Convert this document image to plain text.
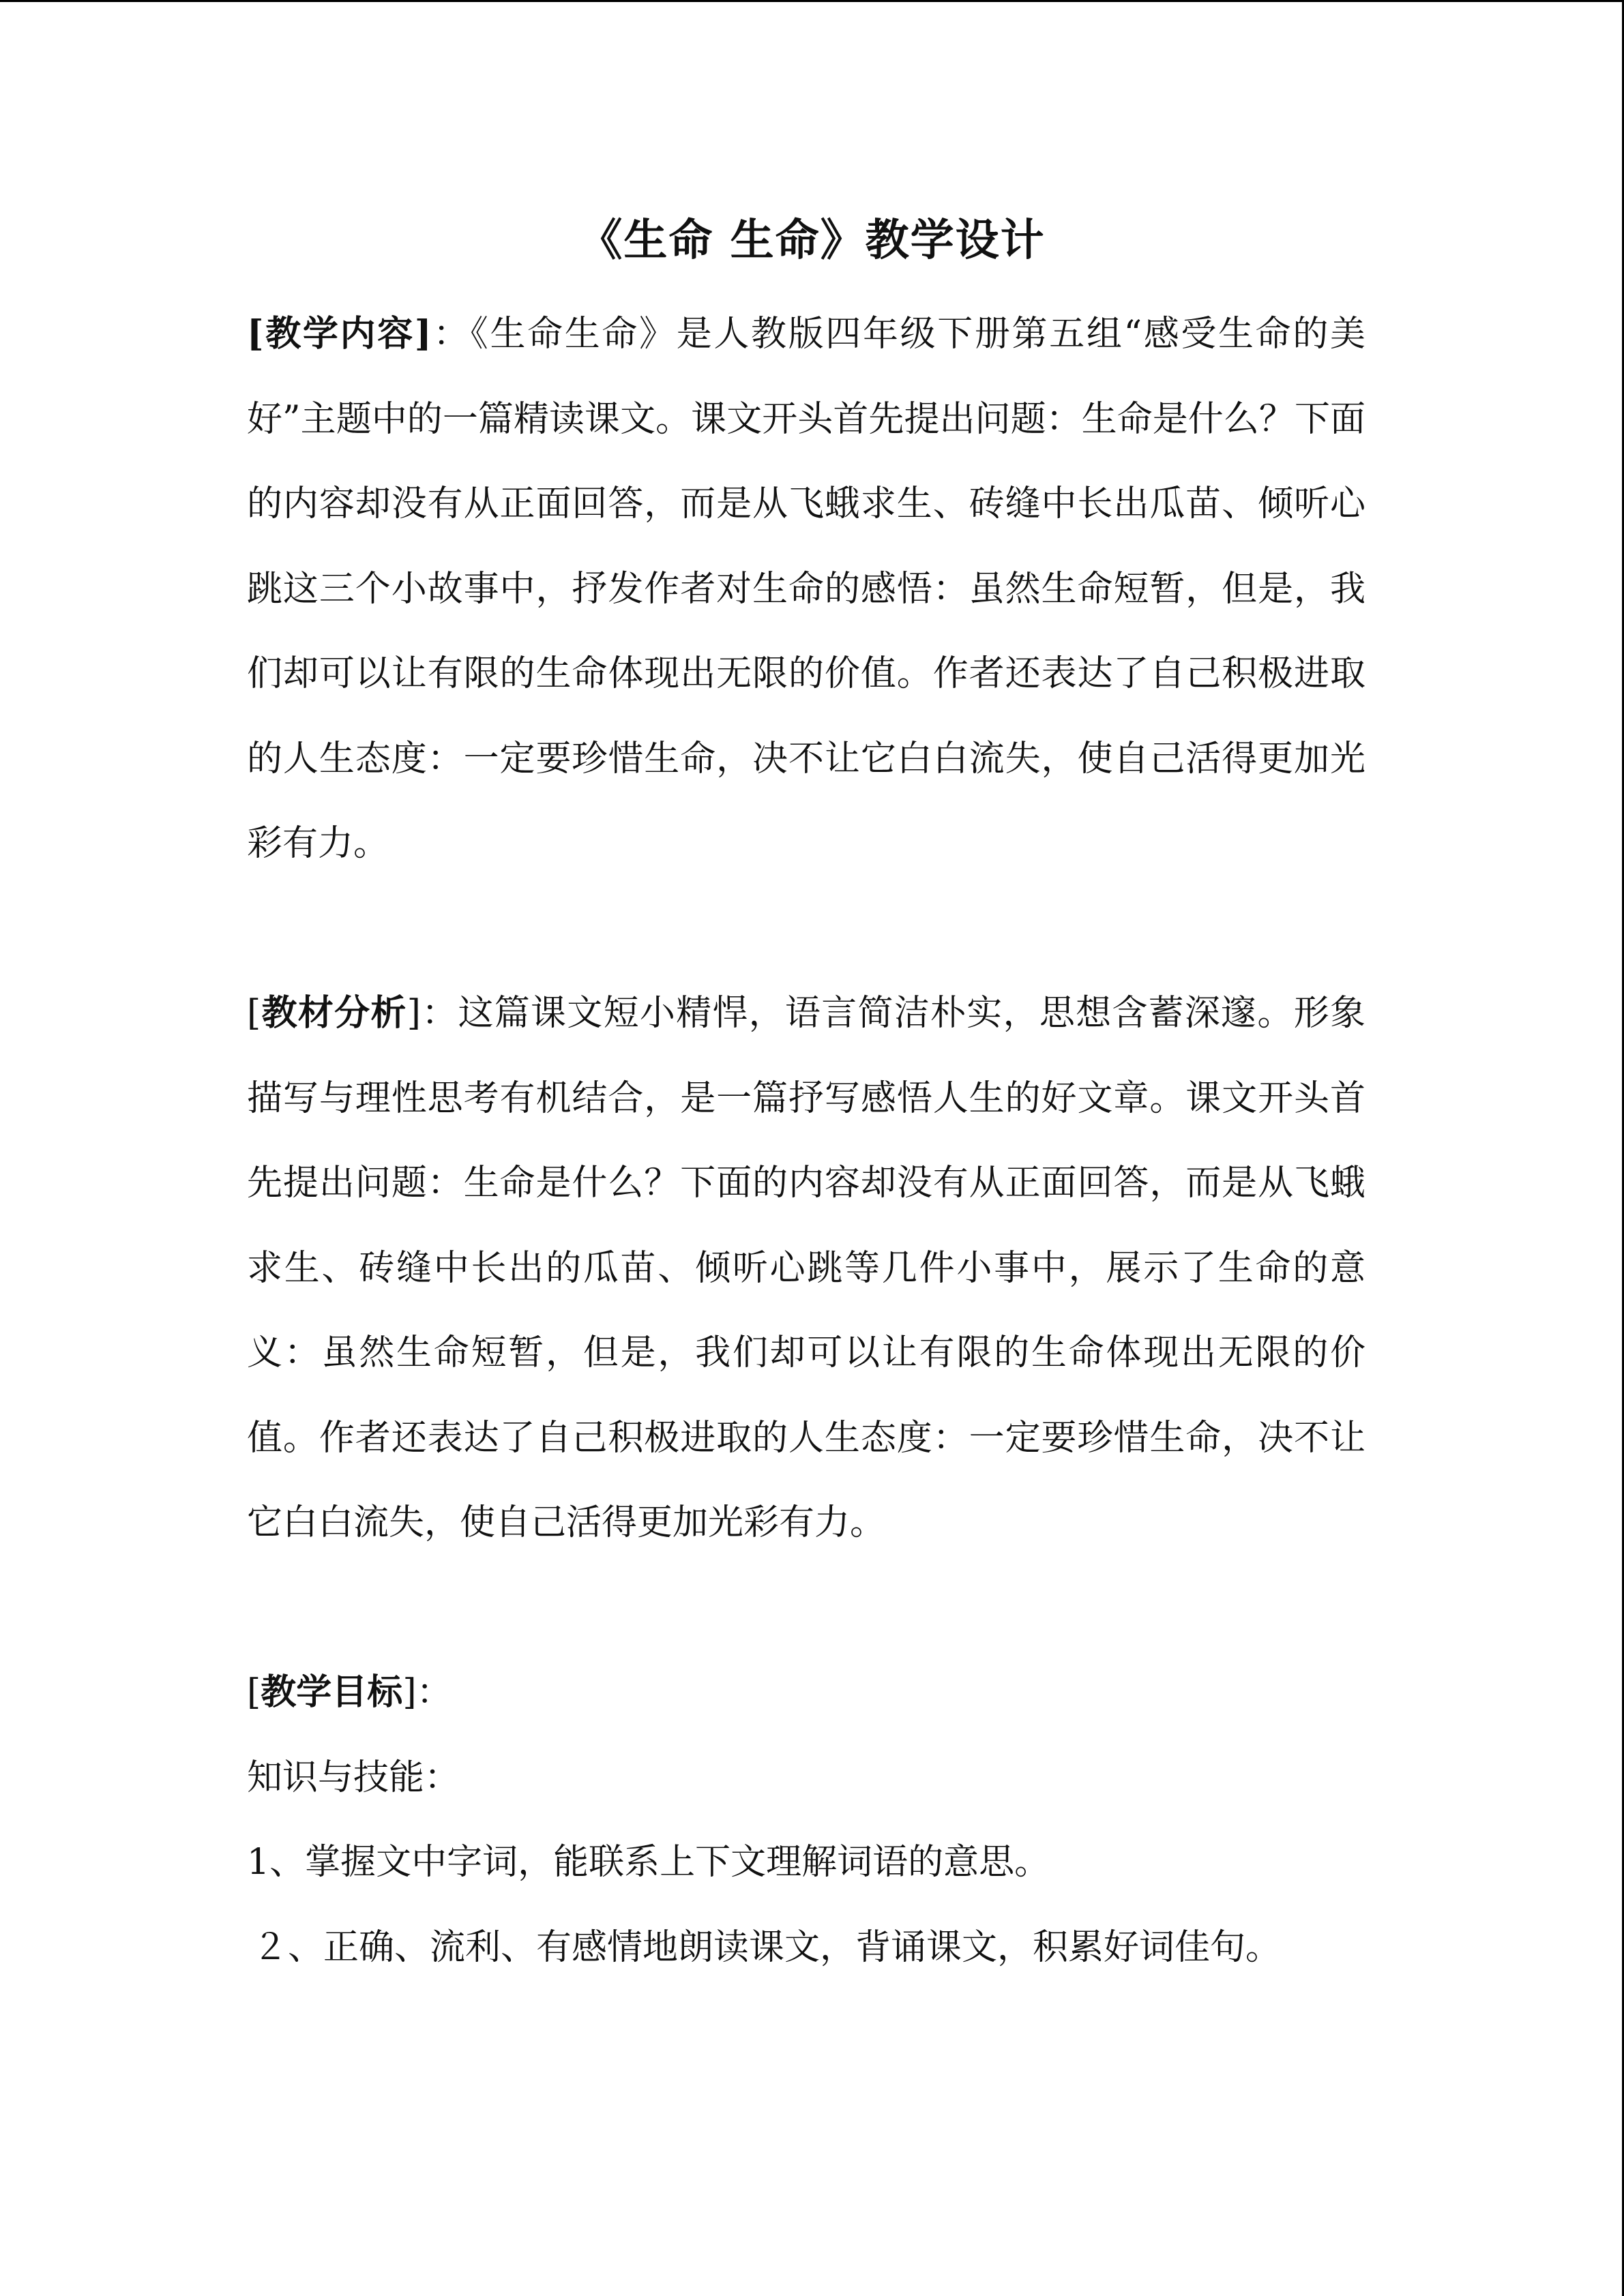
《生命 生命》教学设计

[教学内容]：《生命生命》是人教版四年级下册第五组“感受生命的美好”主题中的一篇精读课文。课文开头首先提出问题：生命是什么？下面的内容却没有从正面回答，而是从飞蛾求生、砖缝中长出瓜苗、倾听心跳这三个小故事中，抒发作者对生命的感悟：虽然生命短暂，但是，我们却可以让有限的生命体现出无限的价值。作者还表达了自己积极进取的人生态度：一定要珍惜生命，决不让它白白流失，使自己活得更加光彩有力。

[教材分析]：这篇课文短小精悍，语言简洁朴实，思想含蓄深邃。形象描写与理性思考有机结合，是一篇抒写感悟人生的好文章。课文开头首先提出问题：生命是什么？下面的内容却没有从正面回答，而是从飞蛾求生、砖缝中长出的瓜苗、倾听心跳等几件小事中，展示了生命的意义：虽然生命短暂，但是，我们却可以让有限的生命体现出无限的价值。作者还表达了自己积极进取的人生态度：一定要珍惜生命，决不让它白白流失，使自己活得更加光彩有力。

[教学目标]：

知识与技能：

1、掌握文中字词，能联系上下文理解词语的意思。

２、正确、流利、有感情地朗读课文，背诵课文，积累好词佳句。
